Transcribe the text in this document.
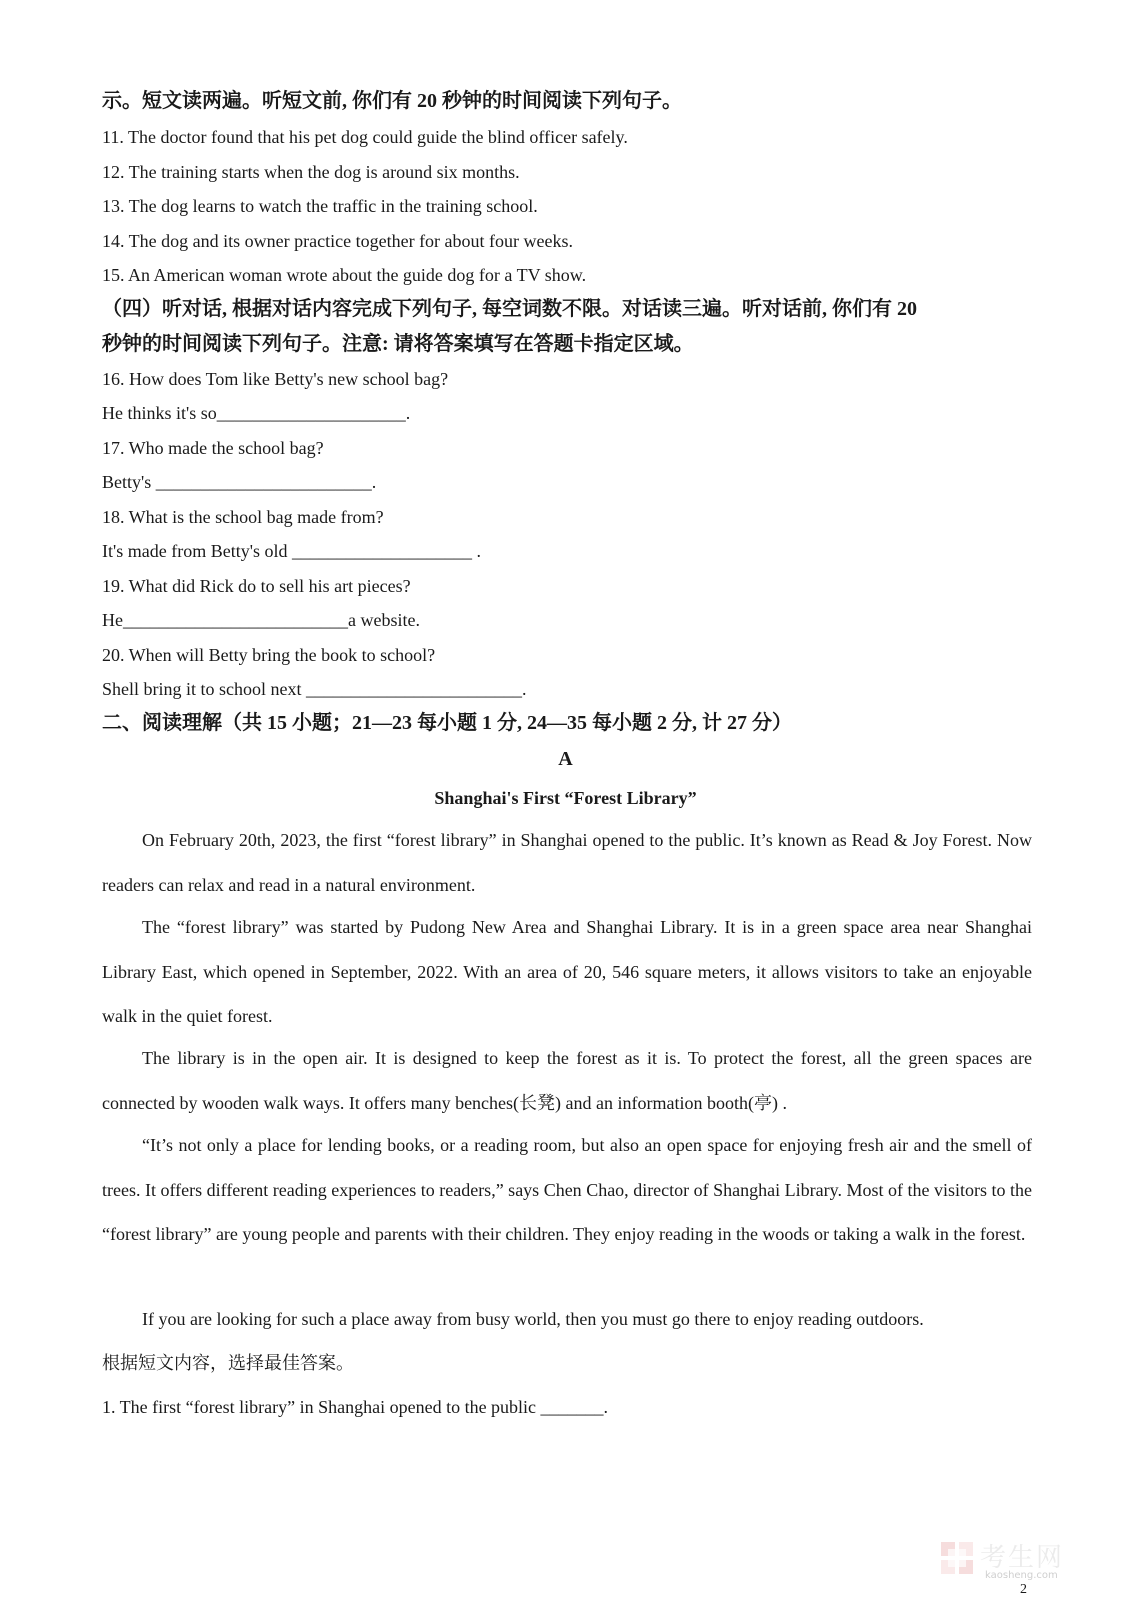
示。短文读两遍。听短文前, 你们有 20 秒钟的时间阅读下列句子。
11. The doctor found that his pet dog could guide the blind officer safely.
12. The training starts when the dog is around six months.
13. The dog learns to watch the traffic in the training school.
14. The dog and its owner practice together for about four weeks.
15. An American woman wrote about the guide dog for a TV show.
（四）听对话, 根据对话内容完成下列句子, 每空词数不限。对话读三遍。听对话前, 你们有 20
秒钟的时间阅读下列句子。注意: 请将答案填写在答题卡指定区域。
16. How does Tom like Betty's new school bag?
He thinks it's so_____________________.
17. Who made the school bag?
Betty's ________________________.
18. What is the school bag made from?
It's made from Betty's old ____________________ .
19. What did Rick do to sell his art pieces?
He_________________________a website.
20. When will Betty bring the book to school?
Shell bring it to school next ________________________.
二、阅读理解（共 15 小题；21—23 每小题 1 分, 24—35 每小题 2 分, 计 27 分）
A
Shanghai's First “Forest Library”
On February 20th, 2023, the first “forest library” in Shanghai opened to the public. It’s known as Read & Joy Forest. Now readers can relax and read in a natural environment.
The “forest library” was started by Pudong New Area and Shanghai Library. It is in a green space area near Shanghai Library East, which opened in September, 2022. With an area of 20, 546 square meters, it allows visitors to take an enjoyable walk in the quiet forest.
The library is in the open air. It is designed to keep the forest as it is. To protect the forest, all the green spaces are connected by wooden walk ways. It offers many benches(长凳) and an information booth(亭) .
“It’s not only a place for lending books, or a reading room, but also an open space for enjoying fresh air and the smell of trees. It offers different reading experiences to readers,” says Chen Chao, director of Shanghai Library. Most of the visitors to the “forest library” are young people and parents with their children. They enjoy reading in the woods or taking a walk in the forest.
If you are looking for such a place away from busy world, then you must go there to enjoy reading outdoors.
根据短文内容，选择最佳答案。
1. The first “forest library” in Shanghai opened to the public _______.
考生网
kaosheng.com
2
